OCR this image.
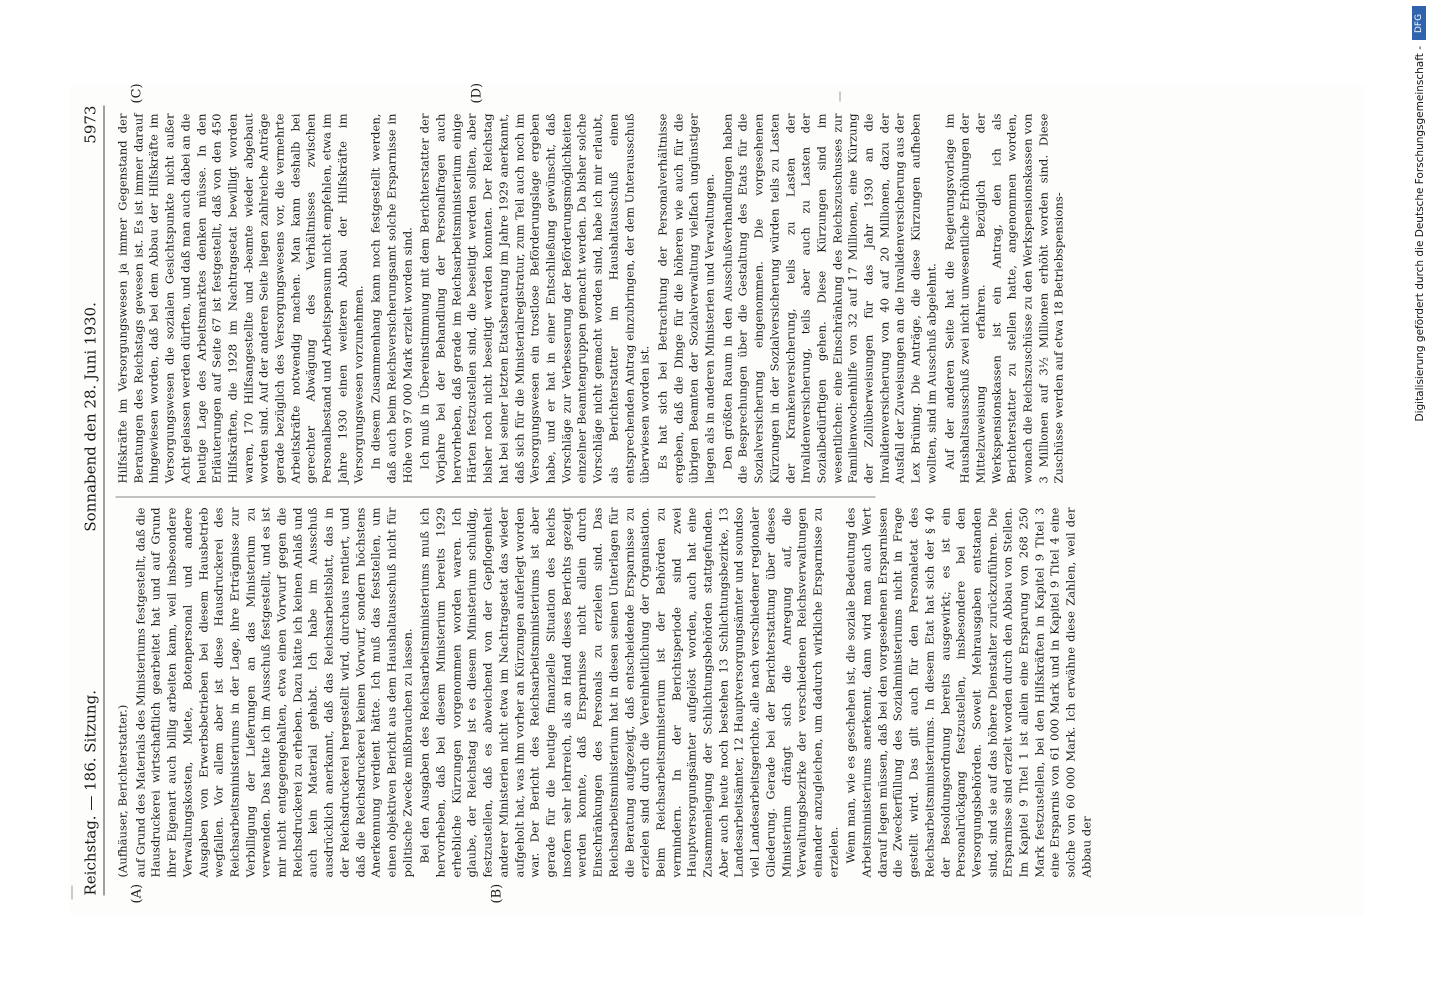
Reichstag. — 186. Sitzung.
Sonnabend den 28. Juni 1930.
5973
(A)	(B)
(C)	(D)

(Aufhäuser, Berichterstatter.) auf Grund des Materials des Ministeriums festgestellt, daß die Hausdruckerei wirtschaftlich gearbeitet hat und auf Grund ihrer Eigenart auch billig arbeiten kann, weil insbesondere Verwaltungskosten, Miete, Botenpersonal und andere Ausgaben von Erwerbsbetrieben bei diesem Hausbetrieb wegfallen. Vor allem aber ist diese Hausdruckerei des Reichsarbeitsministeriums in der Lage, ihre Erträgnisse zur Verbilligung der Lieferungen an das Ministerium zu verwenden. Das hatte ich im Ausschuß festgestellt, und es ist mir nicht entgegengehalten, etwa einen Vorwurf gegen die Reichsdruckerei zu erheben. Dazu hätte ich keinen Anlaß und auch kein Material gehabt. Ich habe im Ausschuß ausdrücklich anerkannt, daß das Reichsarbeitsblatt, das in der Reichsdruckerei hergestellt wird, durchaus rentiert, und daß die Reichsdruckerei keinen Vorwurf, sondern höchstens Anerkennung verdient hätte. Ich muß das feststellen, um einen objektiven Bericht aus dem Haushaltausschuß nicht für politische Zwecke mißbrauchen zu lassen. Bei den Ausgaben des Reichsarbeitsministeriums muß ich hervorheben, daß bei diesem Ministerium bereits 1929 erhebliche Kürzungen vorgenommen worden waren. Ich glaube, der Reichstag ist es diesem Ministerium schuldig, festzustellen, daß es abweichend von der Gepflogenheit anderer Ministerien nicht etwa im Nachtragsetat das wieder aufgeholt hat, was ihm vorher an Kürzungen auferlegt worden war. Der Bericht des Reichsarbeitsministeriums ist aber gerade für die heutige finanzielle Situation des Reichs insofern sehr lehrreich, als an Hand dieses Berichts gezeigt werden konnte, daß Ersparnisse nicht allein durch Einschränkungen des Personals zu erzielen sind. Das Reichsarbeitsministerium hat in diesen seinen Unterlagen für die Beratung aufgezeigt, daß entscheidende Ersparnisse zu erzielen sind durch die Vereinheitlichung der Organisation. Beim Reichsarbeitsministerium ist der Behörden zu vermindern. In der Berichtsperiode sind zwei Hauptversorgungsämter aufgelöst worden, auch hat eine Zusammenlegung der Schlichtungsbehörden stattgefunden. Aber auch heute noch bestehen 13 Schlichtungsbezirke, 13 Landesarbeitsämter, 12 Hauptversorgungsämter und soundso viel Landesarbeitsgerichte, alle nach verschiedener regionaler Gliederung. Gerade bei der Berichterstattung über dieses Ministerium drängt sich die Anregung auf, die Verwaltungsbezirke der verschiedenen Reichsverwaltungen einander anzugleichen, um dadurch wirkliche Ersparnisse zu erzielen. Wenn man, wie es geschehen ist, die soziale Bedeutung des Arbeitsministeriums anerkennt, dann wird man auch Wert darauf legen müssen, daß bei den vorgesehenen Ersparnissen die Zweckerfüllung des Sozialministeriums nicht in Frage gestellt wird. Das gilt auch für den Personaletat des Reichsarbeitsministeriums. In diesem Etat hat sich der § 40 der Besoldungsordnung bereits ausgewirkt; es ist ein Personalrückgang festzustellen, insbesondere bei den Versorgungsbehörden. Soweit Mehrausgaben entstanden sind, sind sie auf das höhere Dienstalter zurückzuführen. Die Ersparnisse sind erzielt worden durch den Abbau von Stellen. Im Kapitel 9 Titel 1 ist allein eine Ersparung von 268 250 Mark festzustellen, bei den Hilfskräften in Kapitel 9 Titel 3 eine Ersparnis von 61 000 Mark und in Kapitel 9 Titel 4 eine solche von 60 000 Mark. Ich erwähne diese Zahlen, weil der Abbau der

Hilfskräfte im Versorgungswesen ja immer Gegenstand der Beratungen des Reichstags gewesen ist. Es ist immer darauf hingewiesen worden, daß bei dem Abbau der Hilfskräfte im Versorgungswesen die sozialen Gesichtspunkte nicht außer Acht gelassen werden dürften, und daß man auch dabei an die heutige Lage des Arbeitsmarktes denken müsse. In den Erläuterungen auf Seite 67 ist festgestellt, daß von den 450 Hilfskräften, die 1928 im Nachtragsetat bewilligt worden waren, 170 Hilfsangestellte und -beamte wieder abgebaut worden sind. Auf der anderen Seite liegen zahlreiche Anträge gerade bezüglich des Versorgungswesens vor, die vermehrte Arbeitskräfte notwendig machen. Man kann deshalb bei gerechter Abwägung des Verhältnisses zwischen Personalbestand und Arbeitspensum nicht empfehlen, etwa im Jahre 1930 einen weiteren Abbau der Hilfskräfte im Versorgungswesen vorzunehmen. In diesem Zusammenhang kann noch festgestellt werden, daß auch beim Reichsversicherungsamt solche Ersparnisse in Höhe von 97 000 Mark erzielt worden sind. Ich muß in Übereinstimmung mit dem Berichterstatter der Vorjahre bei der Behandlung der Personalfragen auch hervorheben, daß gerade im Reichsarbeitsministerium einige Härten festzustellen sind, die beseitigt werden sollten, aber bisher noch nicht beseitigt werden konnten. Der Reichstag hat bei seiner letzten Etatsberatung im Jahre 1929 anerkannt, daß sich für die Ministerialregistratur, zum Teil auch noch im Versorgungswesen ein trostlose Beförderungslage ergeben habe, und er hat in einer Entschließung gewünscht, daß Vorschläge zur Verbesserung der Beförderungsmöglichkeiten einzelner Beamtengruppen gemacht werden. Da bisher solche Vorschläge nicht gemacht worden sind, habe ich mir erlaubt, als Berichterstatter im Haushaltausschuß einen entsprechenden Antrag einzubringen, der dem Unterausschuß überwiesen worden ist. Es hat sich bei Betrachtung der Personalverhältnisse ergeben, daß die Dinge für die höheren wie auch für die übrigen Beamten der Sozialverwaltung vielfach ungünstiger liegen als in anderen Ministerien und Verwaltungen. Den größten Raum in den Ausschußverhandlungen haben die Besprechungen über die Gestaltung des Etats für die Sozialversicherung eingenommen. Die vorgesehenen Kürzungen in der Sozialversicherung würden teils zu Lasten der Krankenversicherung, teils zu Lasten der Invalidenversicherung, teils aber auch zu Lasten der Sozialbedürftigen gehen. Diese Kürzungen sind im wesentlichen: eine Einschränkung des Reichszuschusses zur Familienwochenhilfe von 32 auf 17 Millionen, eine Kürzung der Zollüberweisungen für das Jahr 1930 an die Invalidenversicherung von 40 auf 20 Millionen, dazu der Ausfall der Zuweisungen an die Invalidenversicherung aus der Lex Brüning. Die Anträge, die diese Kürzungen aufheben wollten, sind im Ausschuß abgelehnt. Auf der anderen Seite hat die Regierungsvorlage im Haushaltsausschuß zwei nicht unwesentliche Erhöhungen der Mittelzuweisung erfahren. Bezüglich der Werkspensionskassen ist ein Antrag, den ich als Berichterstatter zu stellen hatte, angenommen worden, wonach die Reichszuschüsse zu den Werkspensionskassen von 3 Millionen auf 3½ Millionen erhöht worden sind. Diese Zuschüsse werden auf etwa 18 Betriebspensions-

DFG
Digitalisierung gefördert durch die Deutsche Forschungsgemeinschaft -
